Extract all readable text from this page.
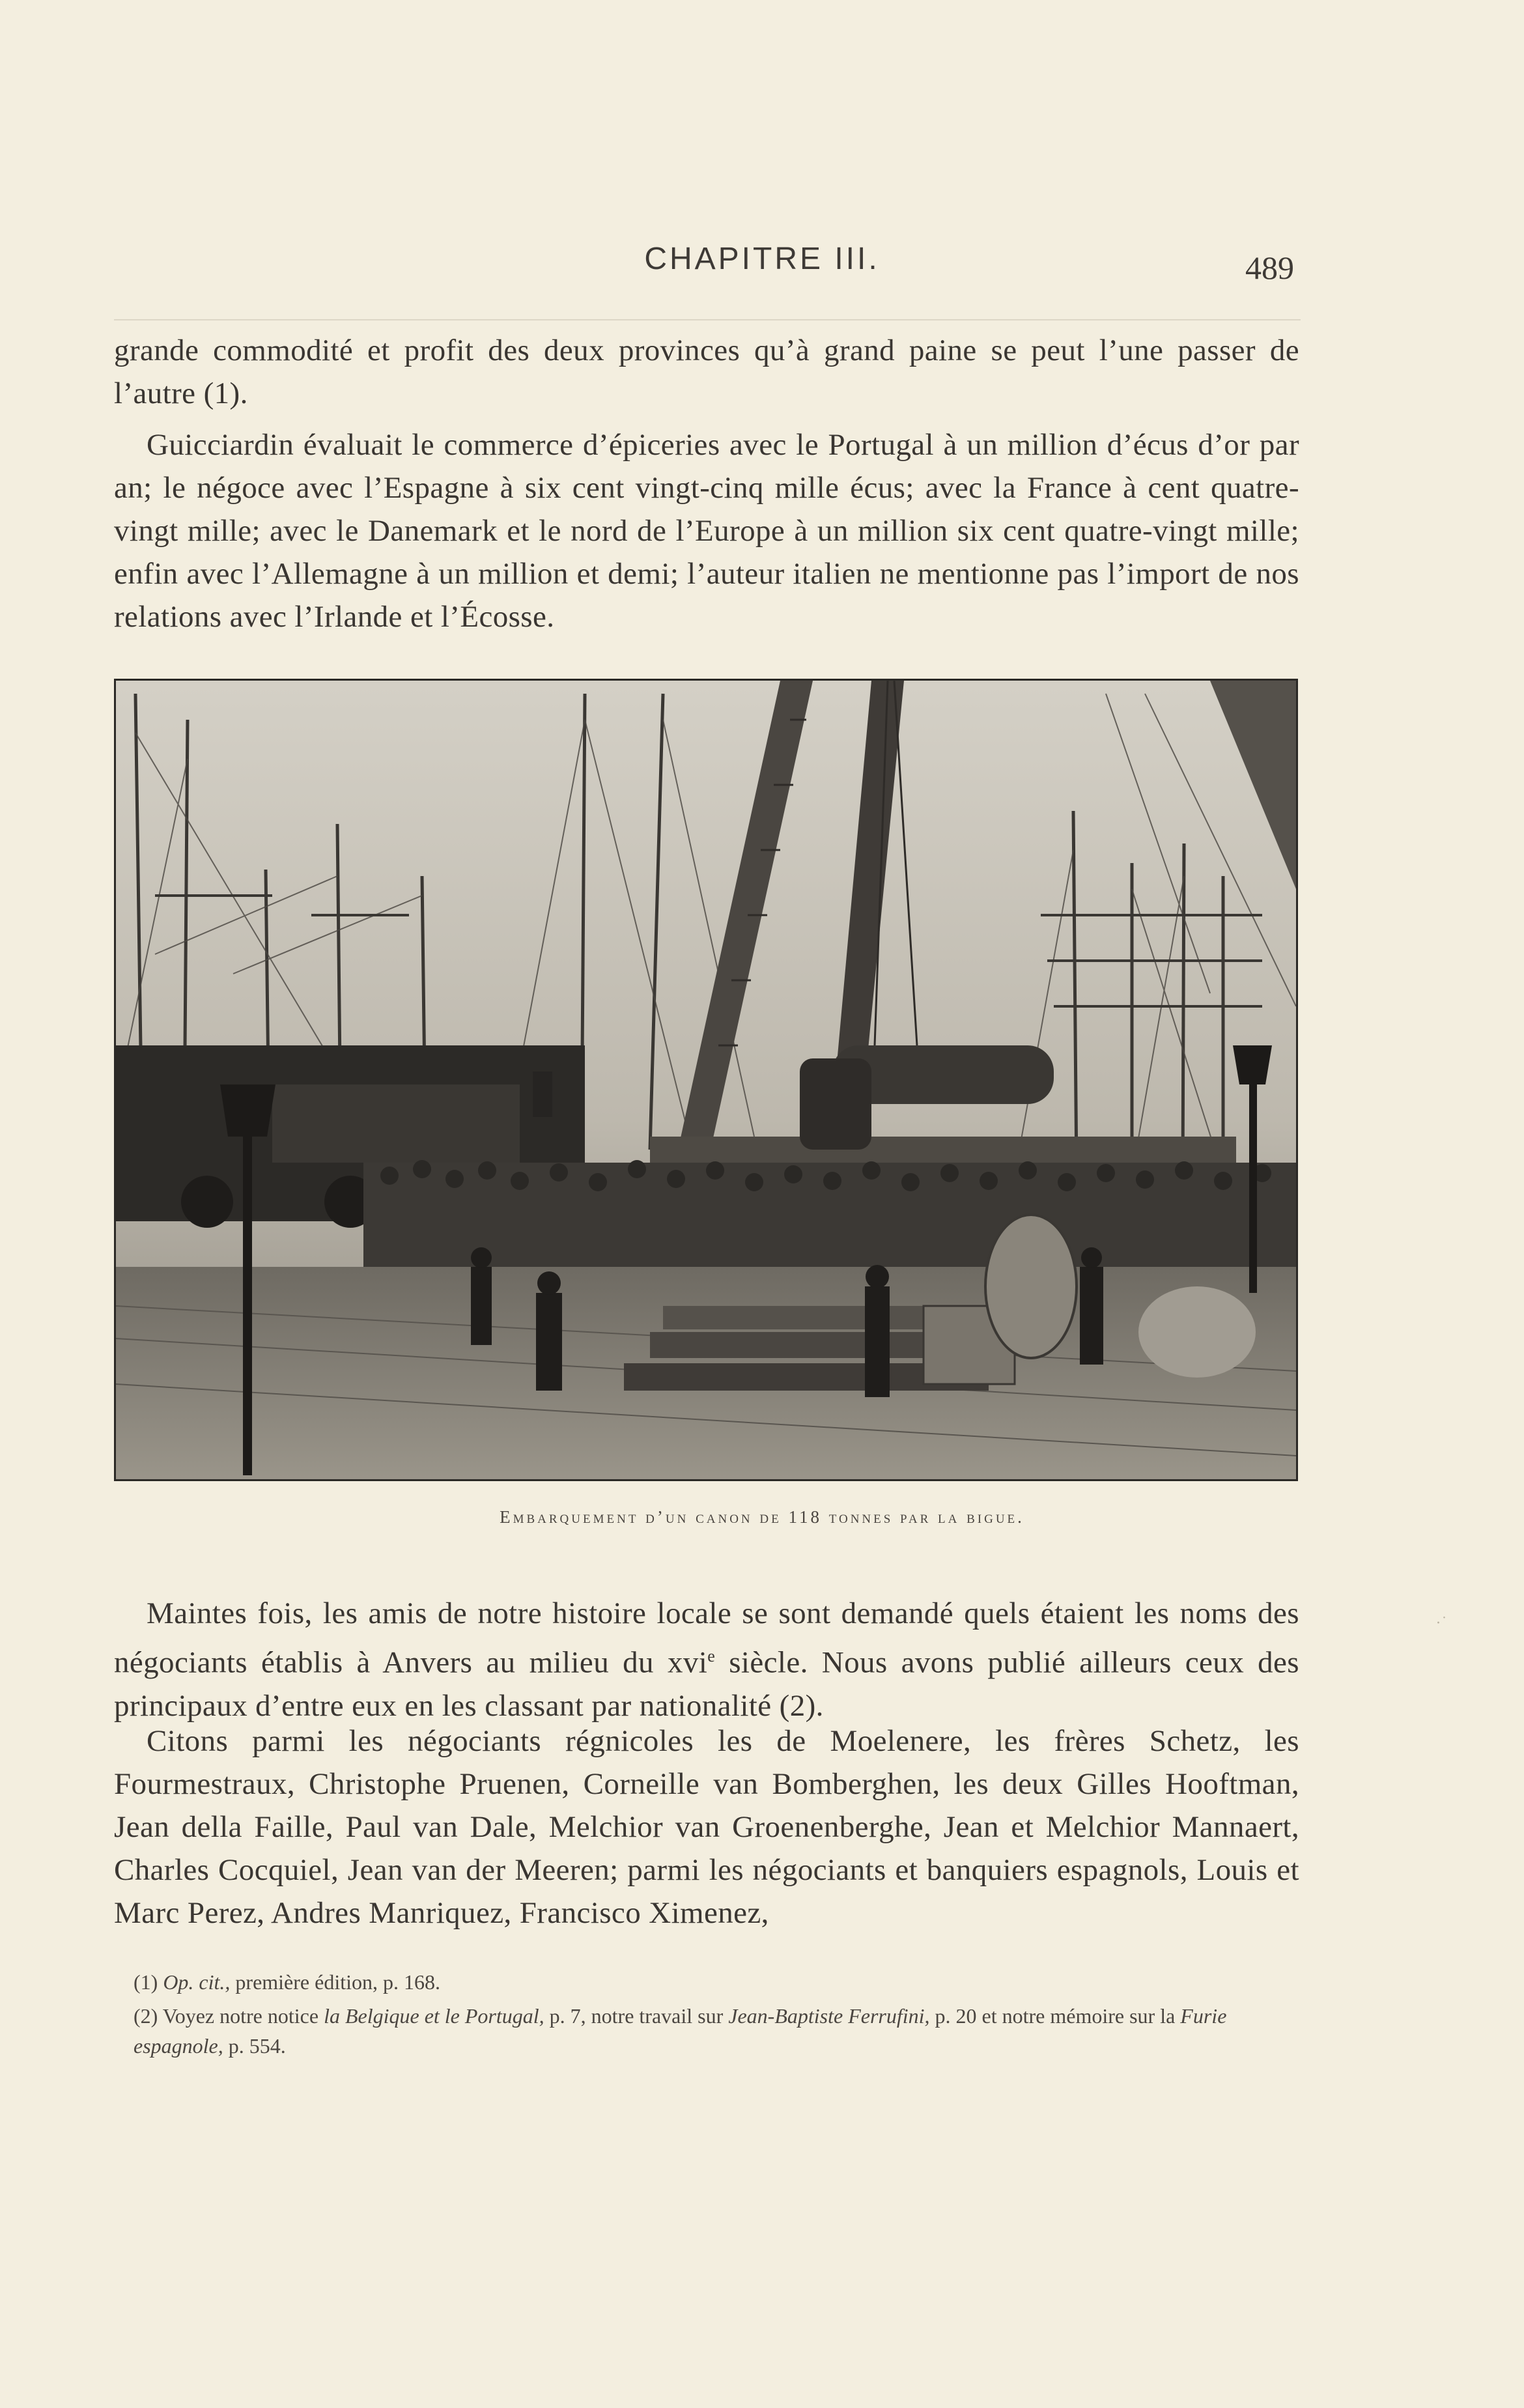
CHAPITRE III.	489

grande commodité et profit des deux provinces qu’à grand paine se peut l’une passer de l’autre (1).

Guicciardin évaluait le commerce d’épiceries avec le Portugal à un million d’écus d’or par an; le négoce avec l’Espagne à six cent vingt-cinq mille écus; avec la France à cent quatre-vingt mille; avec le Danemark et le nord de l’Europe à un million six cent quatre-vingt mille; enfin avec l’Allemagne à un million et demi; l’auteur italien ne mentionne pas l’import de nos relations avec l’Irlande et l’Écosse.

Embarquement d’un canon de 118 tonnes par la bigue.
·˙

Maintes fois, les amis de notre histoire locale se sont demandé quels étaient les noms des négociants établis à Anvers au milieu du xvi$^e$ siècle. Nous avons publié ailleurs ceux des principaux d’entre eux en les classant par nationalité (2).

Citons parmi les négociants régnicoles les de Moelenere, les frères Schetz, les Fourmestraux, Christophe Pruenen, Corneille van Bomberghen, les deux Gilles Hooftman, Jean della Faille, Paul van Dale, Melchior van Groenenberghe, Jean et Melchior Mannaert, Charles Cocquiel, Jean van der Meeren; parmi les négociants et banquiers espagnols, Louis et Marc Perez, Andres Manriquez, Francisco Ximenez,

(1) Op. cit., première édition, p. 168.

(2) Voyez notre notice la Belgique et le Portugal, p. 7, notre travail sur Jean-Baptiste Ferrufini, p. 20 et notre mémoire sur la Furie espagnole, p. 554.
